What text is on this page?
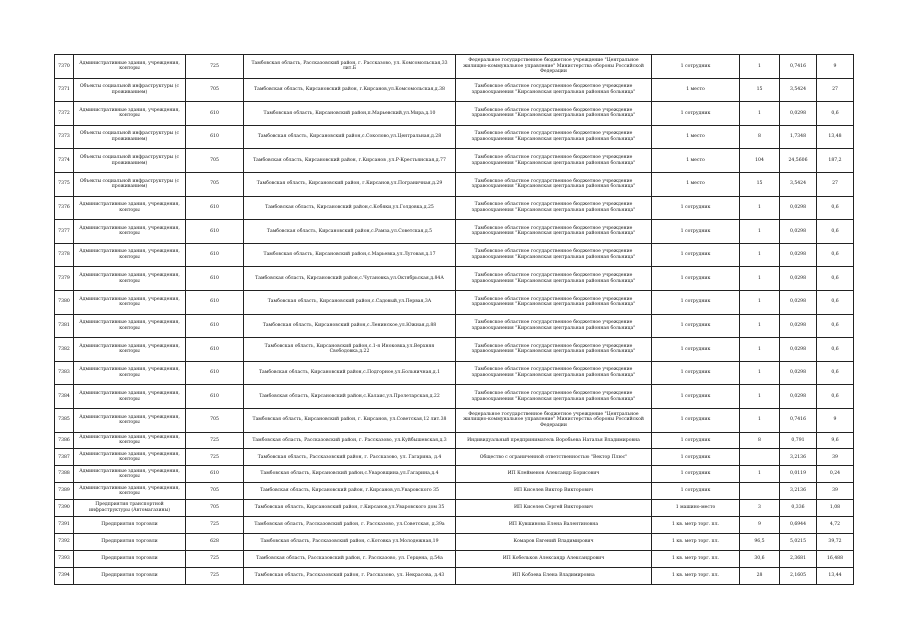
7370	Административные здания, учреждения, конторы	725	Тамбовская область, Рассказовский район, г. Рассказово, ул. Комсомольская,33 лит.Б	Федеральное государственное бюджетное учреждение "Центральное жилищно-коммунальное управление" Министерства обороны Российской Федерации	1 сотрудник	1	0,7416	9
7371	Объекты социальной инфраструктуры (с проживанием)	705	Тамбовская область, Кирсановский район, г.Кирсанов,ул.Комсомольская,д.38	Тамбовское областное государственное бюджетное учреждение здравоохранения "Кирсановская центральная районная больница"	1 место	15	3,5424	27
7372	Административные здания, учреждения, конторы	610	Тамбовская область, Кирсановский район,п.Марьевский,ул.Мира,д.10	Тамбовское областное государственное бюджетное учреждение здравоохранения "Кирсановская центральная районная больница"	1 сотрудник	1	0,0298	0,6
7373	Объекты социальной инфраструктуры (с проживанием)	610	Тамбовская область, Кирсановский район,с.Соколово,ул.Центральная,д.28	Тамбовское областное государственное бюджетное учреждение здравоохранения "Кирсановская центральная районная больница"	1 место	8	1,7348	13,48
7374	Объекты социальной инфраструктуры (с проживанием)	705	Тамбовская область, Кирсановский район, г.Кирсанов ,ул.Р-Крестьянская,д.77	Тамбовское областное государственное бюджетное учреждение здравоохранения "Кирсановская центральная районная больница"	1 место	104	24,5606	187,2
7375	Объекты социальной инфраструктуры (с проживанием)	705	Тамбовская область, Кирсановский район, г.Кирсанов,ул.Пограничная,д.29	Тамбовское областное государственное бюджетное учреждение здравоохранения "Кирсановская центральная районная больница"	1 место	15	3,5424	27
7376	Административные здания, учреждения, конторы	610	Тамбовская область, Кирсановский район,с.Кобяки,ул.Голдовка,д.25	Тамбовское областное государственное бюджетное учреждение здравоохранения "Кирсановская центральная районная больница"	1 сотрудник	1	0,0298	0,6
7377	Административные здания, учреждения, конторы	610	Тамбовская область, Кирсановский район,с.Рамза,ул.Советская,д.5	Тамбовское областное государственное бюджетное учреждение здравоохранения "Кирсановская центральная районная больница"	1 сотрудник	1	0,0298	0,6
7378	Административные здания, учреждения, конторы	610	Тамбовская область, Кирсановский район,с.Марьевка,ул.Луговая,д.17	Тамбовское областное государственное бюджетное учреждение здравоохранения "Кирсановская центральная районная больница"	1 сотрудник	1	0,0298	0,6
7379	Административные здания, учреждения, конторы	610	Тамбовская область, Кирсановский район,с.Чутановка,ул.Октябрьская,д.84А	Тамбовское областное государственное бюджетное учреждение здравоохранения "Кирсановская центральная районная больница"	1 сотрудник	1	0,0298	0,6
7380	Административные здания, учреждения, конторы	610	Тамбовская область, Кирсановский район,с.Садовый,ул.Первая,3А	Тамбовское областное государственное бюджетное учреждение здравоохранения "Кирсановская центральная районная больница"	1 сотрудник	1	0,0298	0,6
7381	Административные здания, учреждения, конторы	610	Тамбовская область, Кирсановский район,с.Ленинское,ул.Южная,д.88	Тамбовское областное государственное бюджетное учреждение здравоохранения "Кирсановская центральная районная больница"	1 сотрудник	1	0,0298	0,6
7382	Административные здания, учреждения, конторы	610	Тамбовская область, Кирсановский район,с.1-я Иноковка,ул.Верхняя Свободовка,д.22	Тамбовское областное государственное бюджетное учреждение здравоохранения "Кирсановская центральная районная больница"	1 сотрудник	1	0,0298	0,6
7383	Административные здания, учреждения, конторы	610	Тамбовская область, Кирсановский район,с.Подгорное,ул.Больничная,д.1	Тамбовское областное государственное бюджетное учреждение здравоохранения "Кирсановская центральная районная больница"	1 сотрудник	1	0,0298	0,6
7384	Административные здания, учреждения, конторы	610	Тамбовская область, Кирсановский район,с.Калаис,ул.Пролетарская,д.22	Тамбовское областное государственное бюджетное учреждение здравоохранения "Кирсановская центральная районная больница"	1 сотрудник	1	0,0298	0,6
7385	Административные здания, учреждения, конторы	705	Тамбовская область, Кирсановский район, г. Кирсанов, ул.Советская,12 лит.38	Федеральное государственное бюджетное учреждение "Центральное жилищно-коммунальное управление" Министерства обороны Российской Федерации	1 сотрудник	1	0,7416	9
7386	Административные здания, учреждения, конторы	725	Тамбовская область, Рассказовский район, г. Рассказово, ул.Куйбышевская,д.3	Индивидуальный предприниматель Воробьева Наталья Владимировна	1 сотрудник	8	0,791	9,6
7387	Административные здания, учреждения, конторы	725	Тамбовская область, Рассказовский район, г. Рассказово, ул. Гагарина, д.4	Общество с ограниченной ответственностью "Вектор Плюс"	1 сотрудник		3,2136	39
7388	Административные здания, учреждения, конторы	610	Тамбовская область, Кирсановский район,с.Уваровщина,ул.Гагарина,д.4	ИП Клейменов Александр Борисович	1 сотрудник	1	0,0119	0,24
7389	Административные здания, учреждения, конторы	705	Тамбовская область, Кирсановский район, г.Кирсанов,ул.Уваровского 35	ИП Киселев Виктор Викторович	1 сотрудник		3,2136	39
7390	Предприятия транспортной инфраструктуры (Автомагазины)	705	Тамбовская область, Кирсановский район, г.Кирсанов,ул.Уваровского дом 35	ИП Киселев Сергей Викторович	1 машино-место	3	0,336	1,08
7391	Предприятия торговли	725	Тамбовская область, Рассказовский район, г. Рассказово, ул.Советская, д.39а	ИП Кувшинова Елена Валентиновна	1 кв. метр торг. пл.	9	0,6944	4,72
7392	Предприятия торговли	628	Тамбовская область, Рассказовский район, с.Котовка ул.Молодежная,19	Комаров Евгений Владимирович	1 кв. метр торг. пл.	96,5	5,0215	39,72
7393	Предприятия торговли	725	Тамбовская область, Рассказовский район, г. Рассказово, ул. Герцена, д.54а	ИП Кобельков Александр Александрович	1 кв. метр торг. пл.	30,6	2,3681	16,488
7394	Предприятия торговли	725	Тамбовская область, Рассказовский район, г. Рассказово, ул. Некрасова, д.43	ИП Кобзева Елена Владимировна	1 кв. метр торг. пл.	28	2,1605	13,44
